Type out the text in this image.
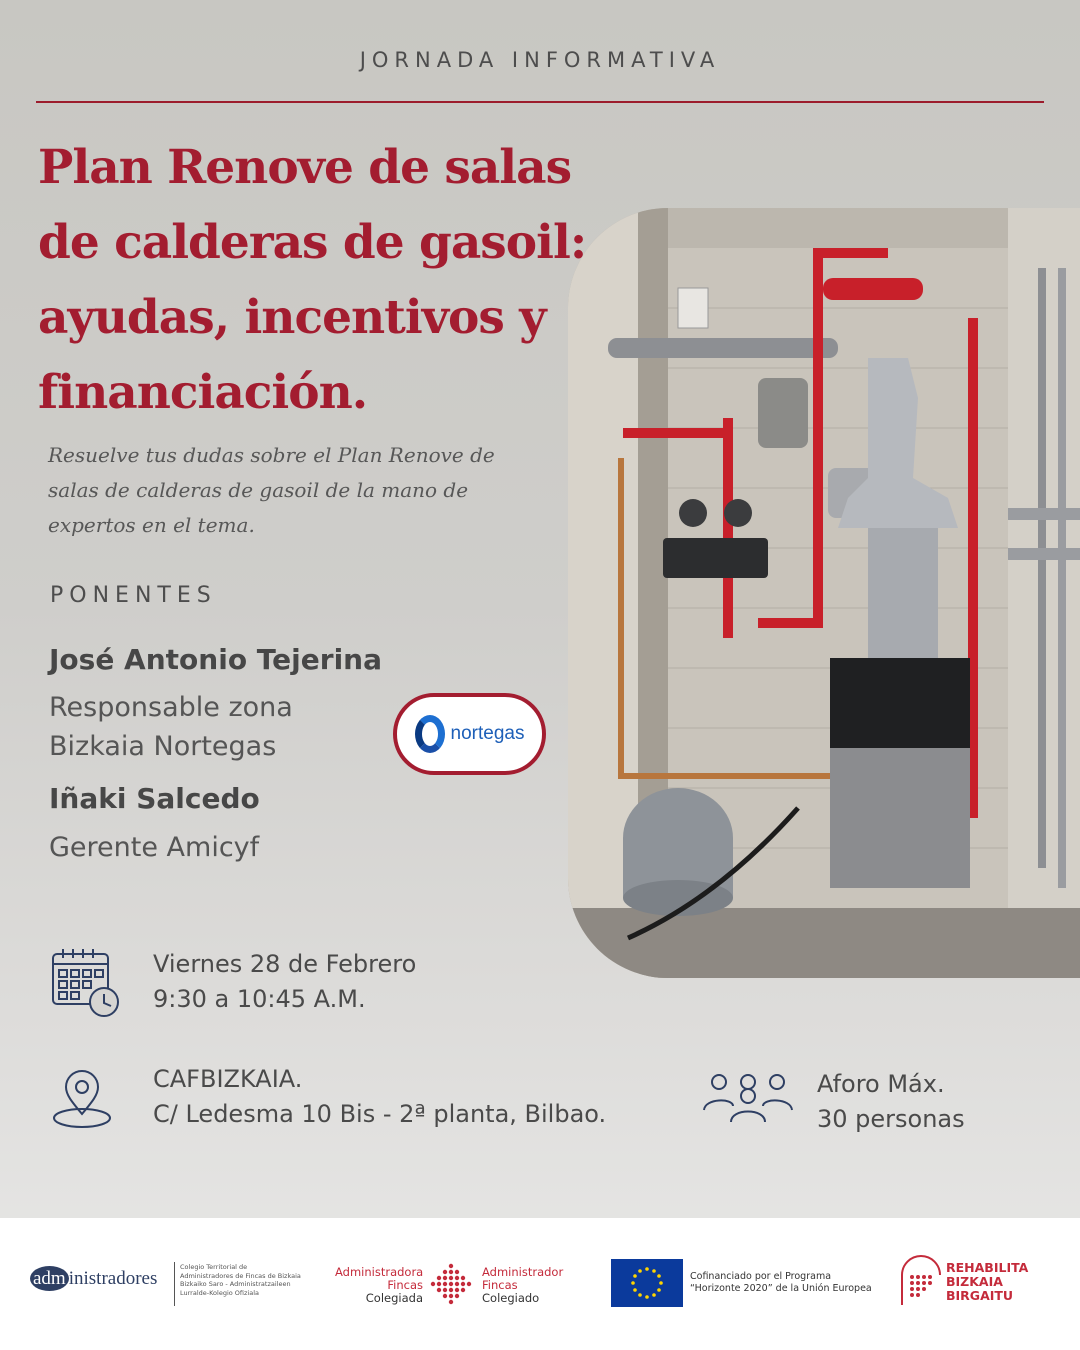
JORNADA INFORMATIVA
Plan Renove de salas
de calderas de gasoil:
ayudas, incentivos y
financiación.

Resuelve tus dudas sobre el Plan Renove de
salas de calderas de gasoil de la mano de
expertos en el tema.

PONENTES
José Antonio Tejerina
Responsable zona
Bizkaia Nortegas	nortegas
Iñaki Salcedo
Gerente Amicyf
Viernes 28 de Febrero
9:30 a 10:45 A.M.
CAFBIZKAIA.
C/ Ledesma 10 Bis - 2ª planta, Bilbao.
Aforo Máx.
30 personas
adm inistradores
Colegio Territorial de
Administradores de Fincas de Bizkaia
Bizkaiko Saro - Administratzaileen
Lurralde-Kolegio Ofiziala
Administradora
Fincas
Colegiada
Administrador
Fincas
Colegiado
Cofinanciado por el Programa
“Horizonte 2020” de la Unión Europea
REHABILITA
BIZKAIA
BIRGAITU
